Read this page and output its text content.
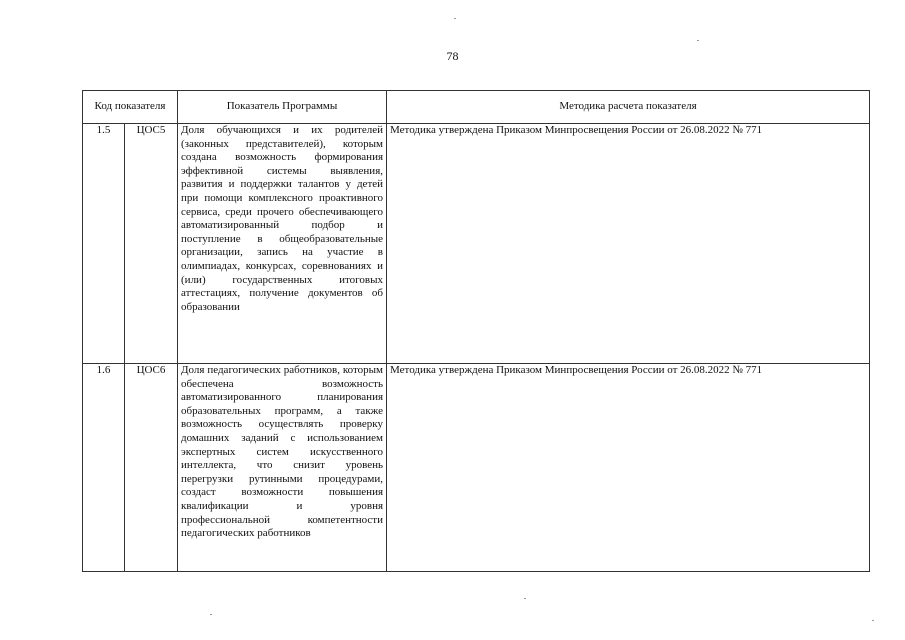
78
Код показателя		Показатель Программы	Методика расчета показателя
1.5	ЦОС5	Доля обучающихся и их родителей (законных представителей), которым создана возможность формирования эффективной системы выявления, развития и поддержки талантов у детей при помощи комплексного проактивного сервиса, среди прочего обеспечивающего автоматизированный подбор и поступление в общеобразовательные организации, запись на участие в олимпиадах, конкурсах, соревнованиях и (или) государственных итоговых аттестациях, получение документов об образовании	Методика утверждена Приказом Минпросвещения России от 26.08.2022 № 771
1.6	ЦОС6	Доля педагогических работников, которым обеспечена возможность автоматизированного планирования образовательных программ, а также возможность осуществлять проверку домашних заданий с использованием экспертных систем искусственного интеллекта, что снизит уровень перегрузки рутинными процедурами, создаст возможности повышения квалификации и уровня профессиональной компетентности педагогических работников	Методика утверждена Приказом Минпросвещения России от 26.08.2022 № 771
